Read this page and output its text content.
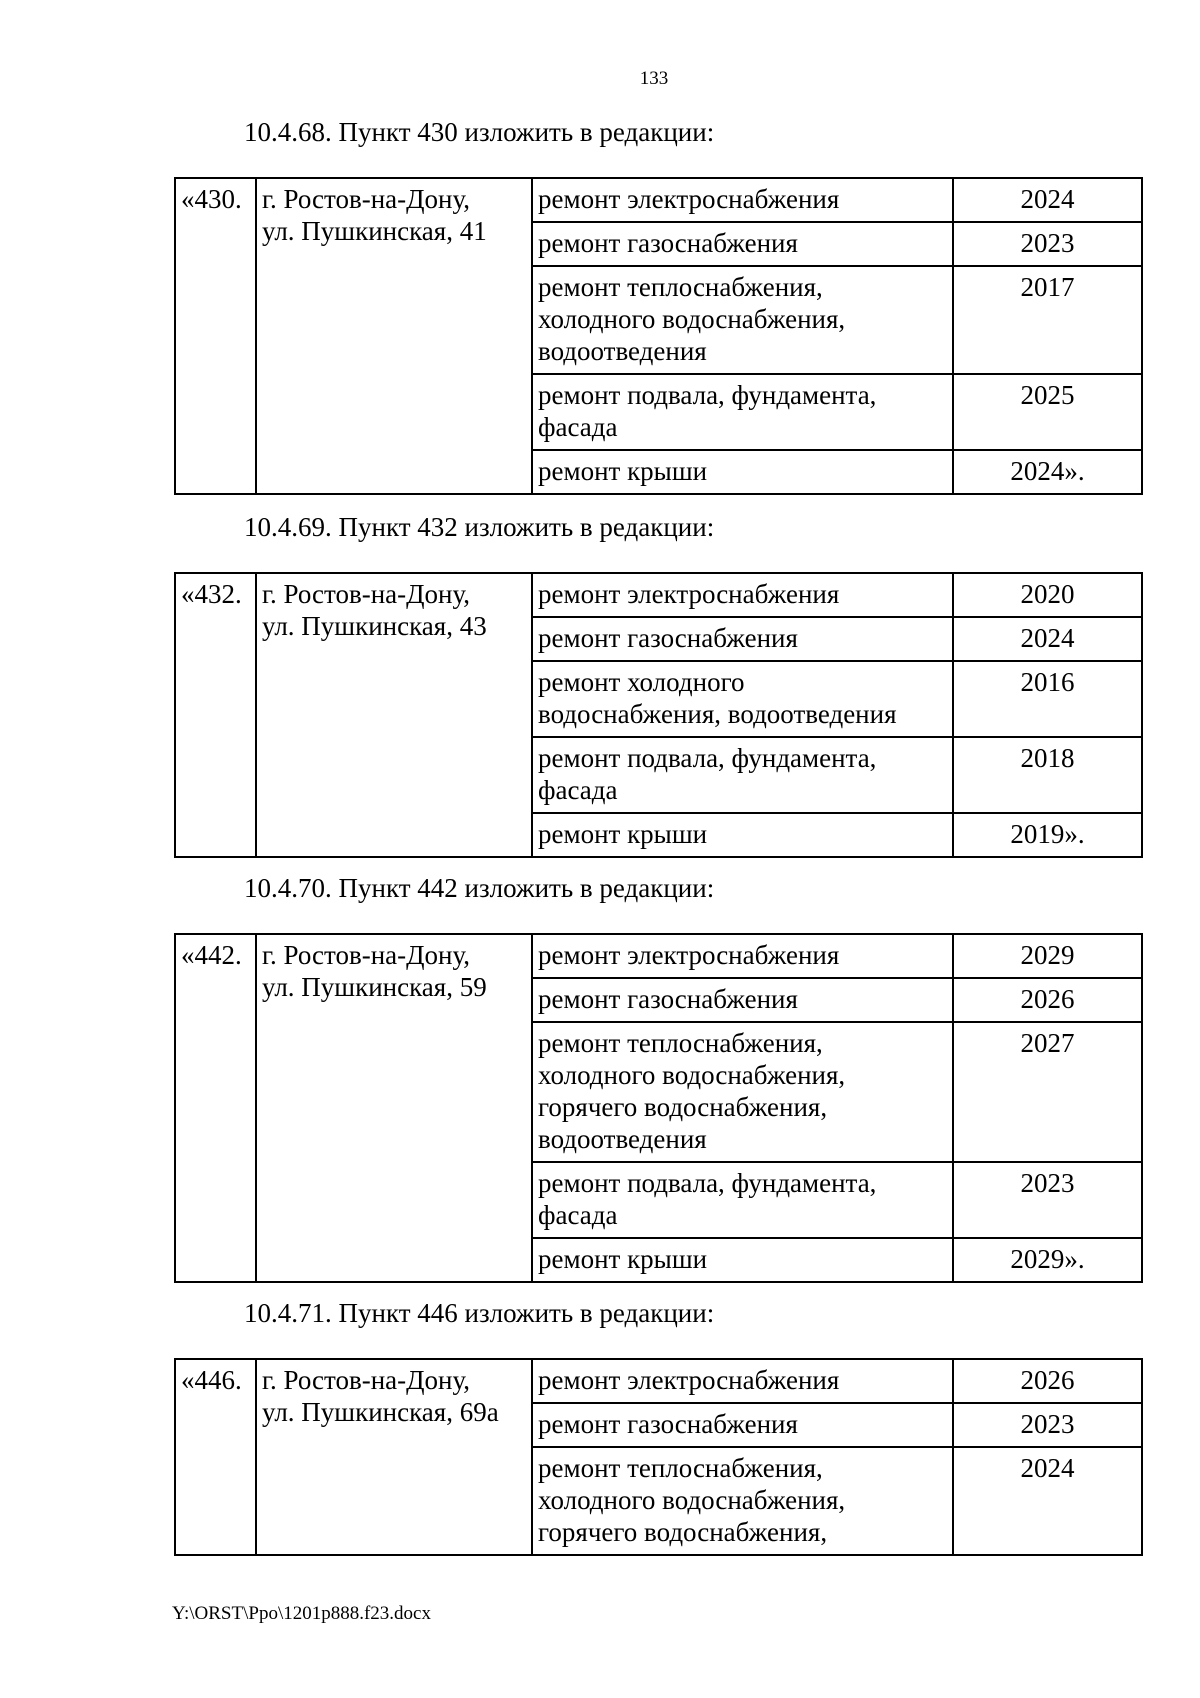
133
10.4.68. Пункт 430 изложить в редакции:
«430.	г. Ростов-на-Дону,
ул. Пушкинская, 41	ремонт электроснабжения	2024
		ремонт газоснабжения	2023
		ремонт теплоснабжения,
холодного водоснабжения,
водоотведения	2017
		ремонт подвала, фундамента,
фасада	2025
		ремонт крыши	2024».
10.4.69. Пункт 432 изложить в редакции:
«432.	г. Ростов-на-Дону,
ул. Пушкинская, 43	ремонт электроснабжения	2020
		ремонт газоснабжения	2024
		ремонт холодного
водоснабжения, водоотведения	2016
		ремонт подвала, фундамента,
фасада	2018
		ремонт крыши	2019».
10.4.70. Пункт 442 изложить в редакции:
«442.	г. Ростов-на-Дону,
ул. Пушкинская, 59	ремонт электроснабжения	2029
		ремонт газоснабжения	2026
		ремонт теплоснабжения,
холодного водоснабжения,
горячего водоснабжения,
водоотведения	2027
		ремонт подвала, фундамента,
фасада	2023
		ремонт крыши	2029».
10.4.71. Пункт 446 изложить в редакции:
«446.	г. Ростов-на-Дону,
ул. Пушкинская, 69а	ремонт электроснабжения	2026
		ремонт газоснабжения	2023
		ремонт теплоснабжения,
холодного водоснабжения,
горячего водоснабжения,	2024
Y:\ORST\Ppo\1201p888.f23.docx
